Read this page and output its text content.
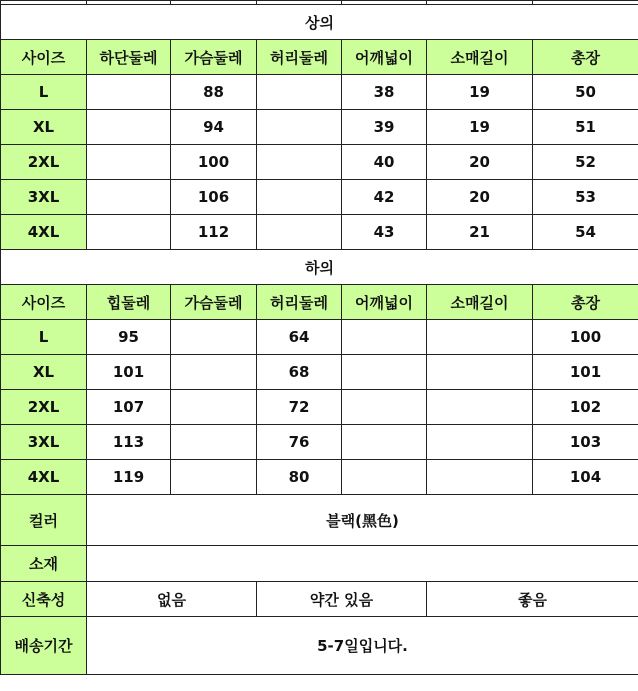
상의						
사이즈	하단둘레	가슴둘레	허리둘레	어깨넓이	소매길이	총장
L		88		38	19	50
XL		94		39	19	51
2XL		100		40	20	52
3XL		106		42	20	53
4XL		112		43	21	54
하의						
사이즈	힙둘레	가슴둘레	허리둘레	어깨넓이	소매길이	총장
L	95		64			100
XL	101		68			101
2XL	107		72			102
3XL	113		76			103
4XL	119		80			104
컬러	블랙(黑色)					
소재						
신축성	없음		약간 있음		좋음	
배송기간	5-7일입니다.					
